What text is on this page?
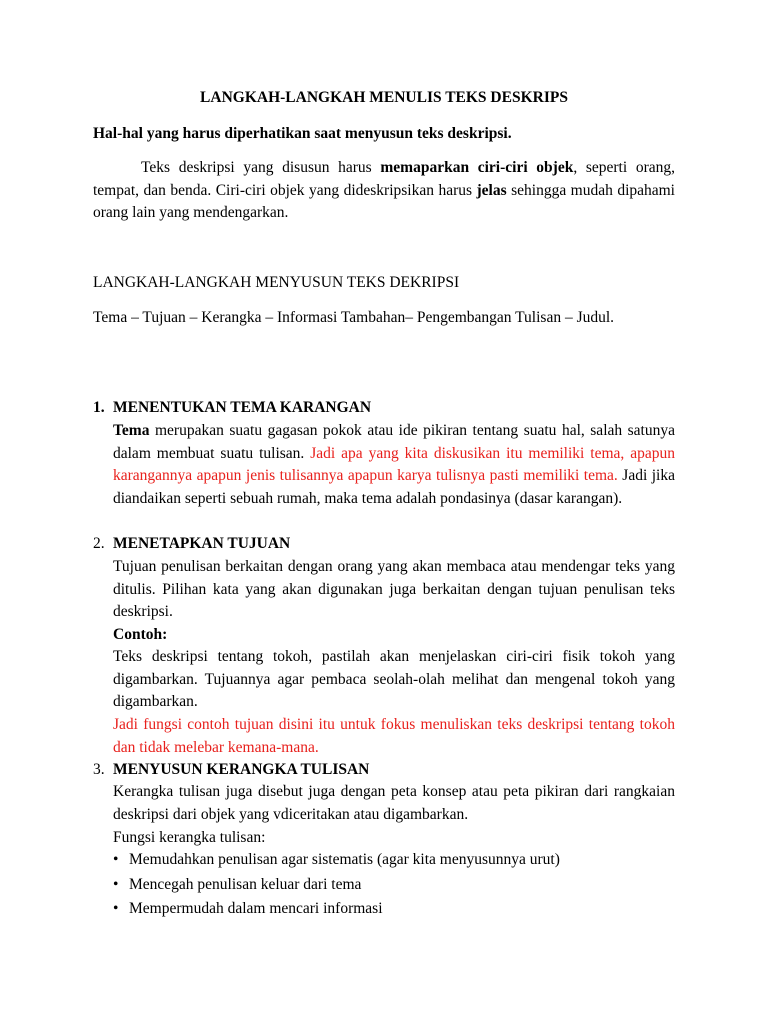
LANGKAH-LANGKAH MENULIS TEKS DESKRIPS
Hal-hal yang harus diperhatikan saat menyusun teks deskripsi.

Teks deskripsi yang disusun harus memaparkan ciri-ciri objek, seperti orang, tempat, dan benda. Ciri-ciri objek yang dideskripsikan harus jelas sehingga mudah dipahami orang lain yang mendengarkan.

LANGKAH-LANGKAH MENYUSUN TEKS DEKRIPSI

Tema – Tujuan – Kerangka – Informasi Tambahan– Pengembangan Tulisan – Judul.

1. MENENTUKAN TEMA KARANGAN

Tema merupakan suatu gagasan pokok atau ide pikiran tentang suatu hal, salah satunya dalam membuat suatu tulisan. Jadi apa yang kita diskusikan itu memiliki tema, apapun karangannya apapun jenis tulisannya apapun karya tulisnya pasti memiliki tema. Jadi jika diandaikan seperti sebuah rumah, maka tema adalah pondasinya (dasar karangan).

2. MENETAPKAN TUJUAN

Tujuan penulisan berkaitan dengan orang yang akan membaca atau mendengar teks yang ditulis. Pilihan kata yang akan digunakan juga berkaitan dengan tujuan penulisan teks deskripsi.

Contoh:

Teks deskripsi tentang tokoh, pastilah akan menjelaskan ciri-ciri fisik tokoh yang digambarkan. Tujuannya agar pembaca seolah-olah melihat dan mengenal tokoh yang digambarkan.

Jadi fungsi contoh tujuan disini itu untuk fokus menuliskan teks deskripsi tentang tokoh dan tidak melebar kemana-mana.

3. MENYUSUN KERANGKA TULISAN

Kerangka tulisan juga disebut juga dengan peta konsep atau peta pikiran dari rangkaian deskripsi dari objek yang vdiceritakan atau digambarkan.

Fungsi kerangka tulisan:
• Memudahkan penulisan agar sistematis (agar kita menyusunnya urut)
• Mencegah penulisan keluar dari tema
• Mempermudah dalam mencari informasi
